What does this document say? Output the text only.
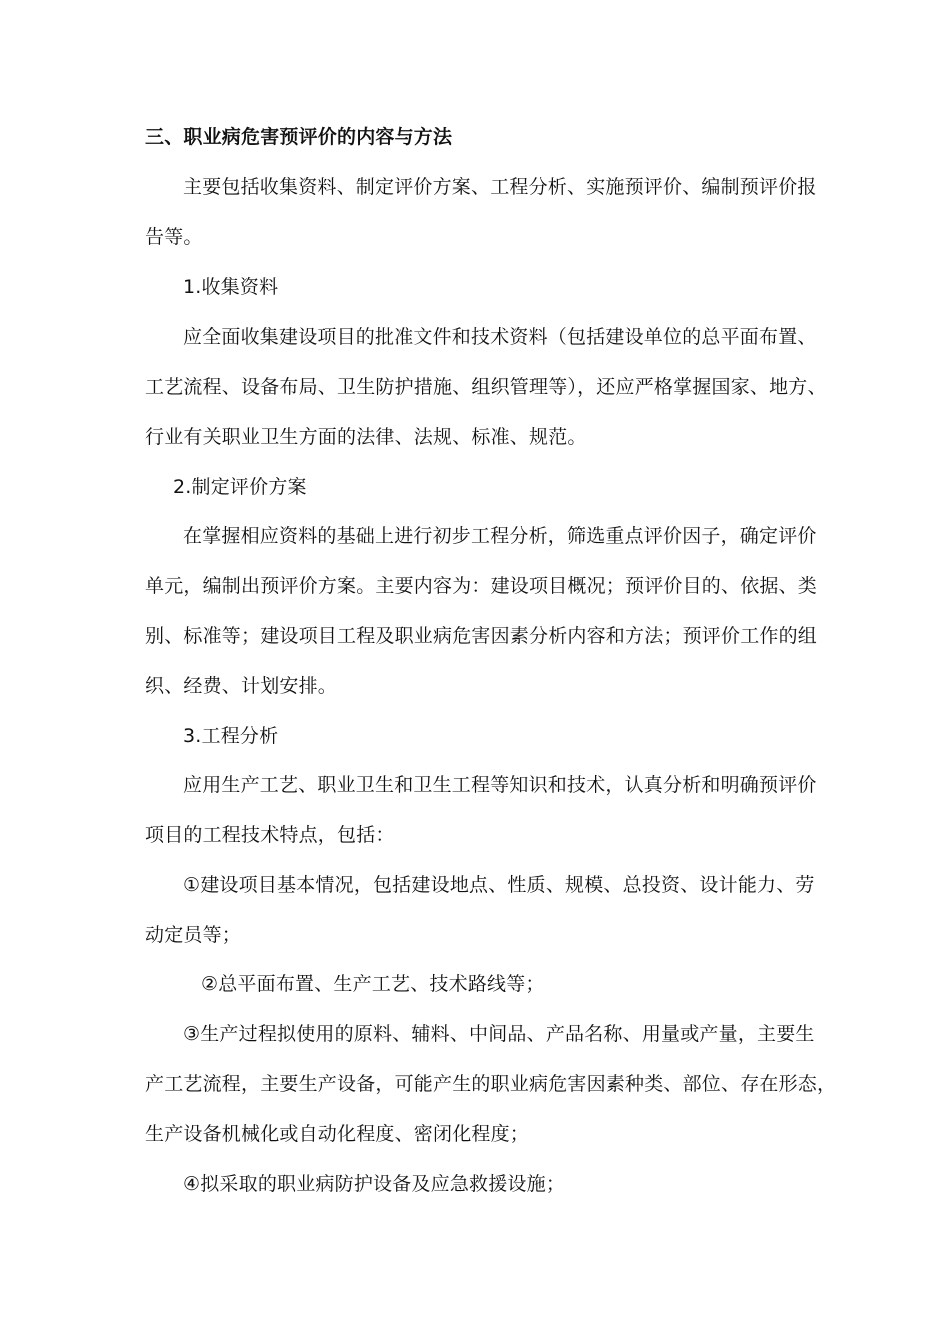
三、职业病危害预评价的内容与方法
主要包括收集资料、制定评价方案、工程分析、实施预评价、编制预评价报
告等。
1.收集资料
应全面收集建设项目的批准文件和技术资料（包括建设单位的总平面布置、
工艺流程、设备布局、卫生防护措施、组织管理等），还应严格掌握国家、地方、
行业有关职业卫生方面的法律、法规、标准、规范。
2.制定评价方案
在掌握相应资料的基础上进行初步工程分析，筛选重点评价因子，确定评价
单元，编制出预评价方案。主要内容为：建设项目概况；预评价目的、依据、类
别、标准等；建设项目工程及职业病危害因素分析内容和方法；预评价工作的组
织、经费、计划安排。
3.工程分析
应用生产工艺、职业卫生和卫生工程等知识和技术，认真分析和明确预评价
项目的工程技术特点，包括：
①建设项目基本情况，包括建设地点、性质、规模、总投资、设计能力、劳
动定员等；
②总平面布置、生产工艺、技术路线等；
③生产过程拟使用的原料、辅料、中间品、产品名称、用量或产量，主要生
产工艺流程，主要生产设备，可能产生的职业病危害因素种类、部位、存在形态，
生产设备机械化或自动化程度、密闭化程度；
④拟采取的职业病防护设备及应急救援设施；
